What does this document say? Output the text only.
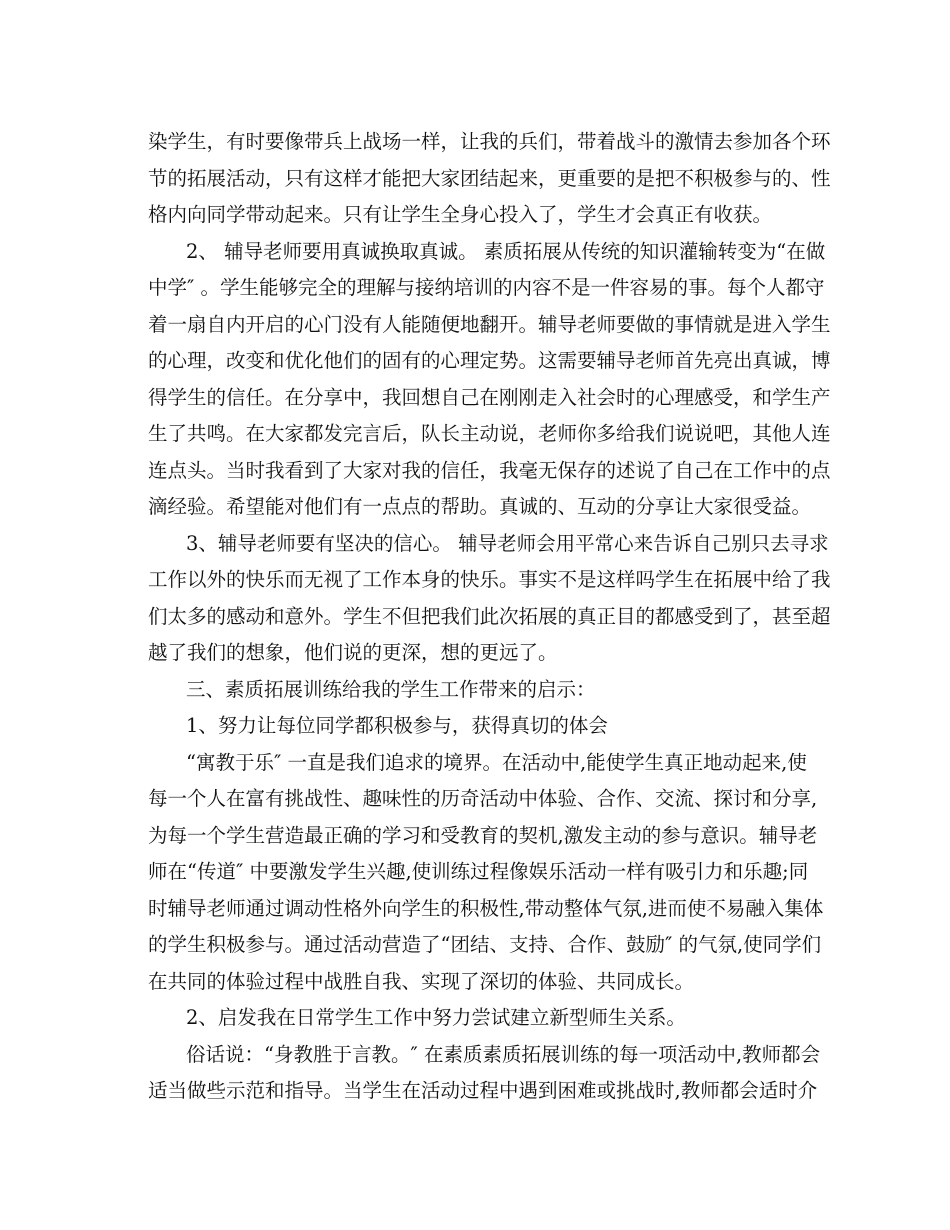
染学生，有时要像带兵上战场一样，让我的兵们，带着战斗的激情去参加各个环
节的拓展活动，只有这样才能把大家团结起来，更重要的是把不积极参与的、性
格内向同学带动起来。只有让学生全身心投入了，学生才会真正有收获。
2、 辅导老师要用真诚换取真诚。 素质拓展从传统的知识灌输转变为“在做
中学″ 。学生能够完全的理解与接纳培训的内容不是一件容易的事。每个人都守
着一扇自内开启的心门没有人能随便地翻开。辅导老师要做的事情就是进入学生
的心理，改变和优化他们的固有的心理定势。这需要辅导老师首先亮出真诚，博
得学生的信任。在分享中，我回想自己在刚刚走入社会时的心理感受，和学生产
生了共鸣。在大家都发完言后，队长主动说，老师你多给我们说说吧，其他人连
连点头。当时我看到了大家对我的信任，我毫无保存的述说了自己在工作中的点
滴经验。希望能对他们有一点点的帮助。真诚的、互动的分享让大家很受益。
3、辅导老师要有坚决的信心。 辅导老师会用平常心来告诉自己别只去寻求
工作以外的快乐而无视了工作本身的快乐。事实不是这样吗学生在拓展中给了我
们太多的感动和意外。学生不但把我们此次拓展的真正目的都感受到了，甚至超
越了我们的想象，他们说的更深，想的更远了。
三、素质拓展训练给我的学生工作带来的启示：
1、努力让每位同学都积极参与，获得真切的体会
“寓教于乐″ 一直是我们追求的境界。在活动中,能使学生真正地动起来,使
每一个人在富有挑战性、趣味性的历奇活动中体验、合作、交流、探讨和分享,
为每一个学生营造最正确的学习和受教育的契机,激发主动的参与意识。辅导老
师在“传道″ 中要激发学生兴趣,使训练过程像娱乐活动一样有吸引力和乐趣;同
时辅导老师通过调动性格外向学生的积极性,带动整体气氛,进而使不易融入集体
的学生积极参与。通过活动营造了“团结、支持、合作、鼓励″ 的气氛,使同学们
在共同的体验过程中战胜自我、实现了深切的体验、共同成长。
2、启发我在日常学生工作中努力尝试建立新型师生关系。
俗话说：“身教胜于言教。″ 在素质素质拓展训练的每一项活动中,教师都会
适当做些示范和指导。当学生在活动过程中遇到困难或挑战时,教师都会适时介
